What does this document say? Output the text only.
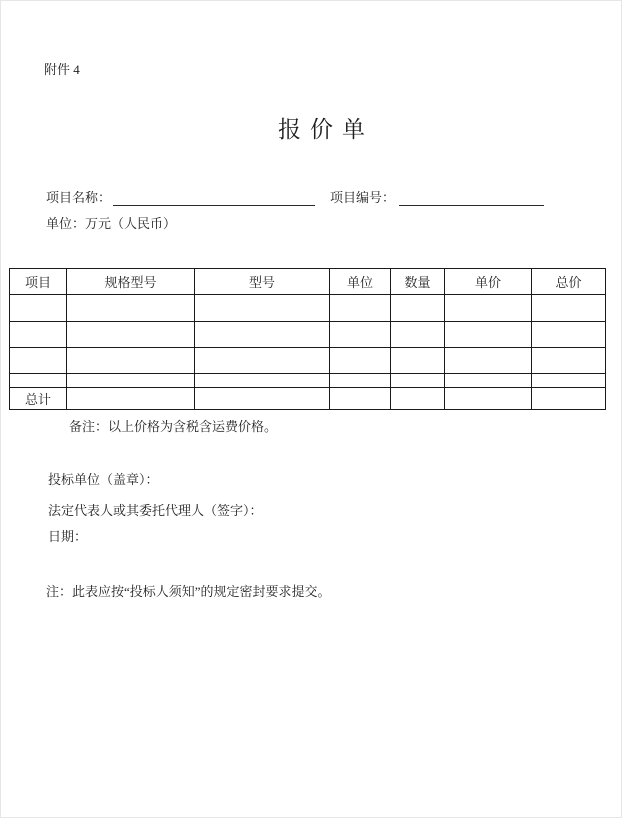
附件 4
报价单
项目名称：	项目编号：
单位：万元（人民币）
项目	规格型号	型号	单位	数量	单价	总价

总计						
备注：以上价格为含税含运费价格。
投标单位（盖章）：
法定代表人或其委托代理人（签字）：
日期：
注：此表应按“投标人须知”的规定密封要求提交。
